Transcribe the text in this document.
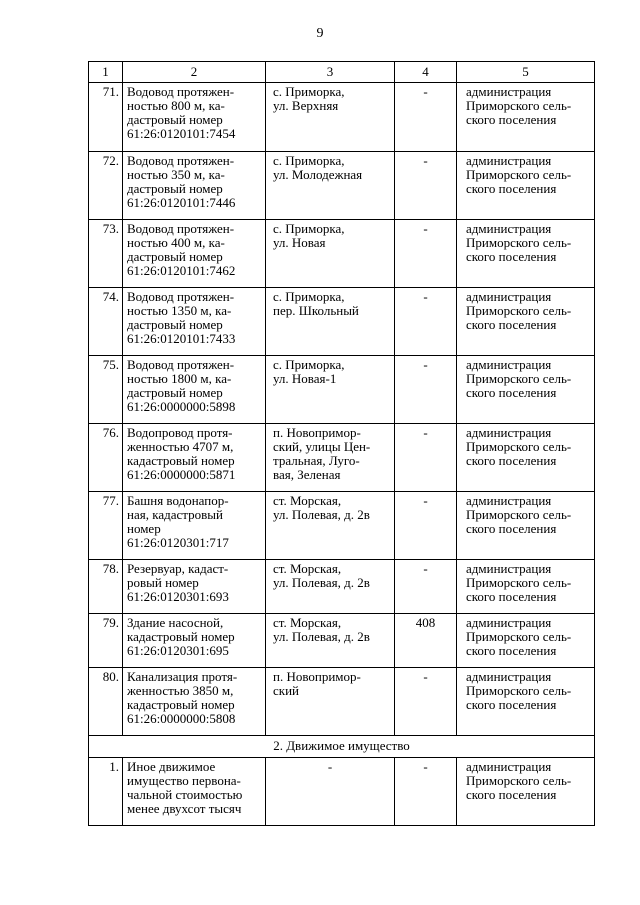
9
1	2	3	4	5
71.	Водовод протяжен-
ностью 800 м, ка-
дастровый номер
61:26:0120101:7454	с. Приморка,
ул. Верхняя	-	администрация
Приморского сель-
ского поселения
72.	Водовод протяжен-
ностью 350 м, ка-
дастровый номер
61:26:0120101:7446	с. Приморка,
ул. Молодежная	-	администрация
Приморского сель-
ского поселения
73.	Водовод протяжен-
ностью 400 м, ка-
дастровый номер
61:26:0120101:7462	с. Приморка,
ул. Новая	-	администрация
Приморского сель-
ского поселения
74.	Водовод протяжен-
ностью 1350 м, ка-
дастровый номер
61:26:0120101:7433	с. Приморка,
пер. Школьный	-	администрация
Приморского сель-
ского поселения
75.	Водовод протяжен-
ностью 1800 м, ка-
дастровый номер
61:26:0000000:5898	с. Приморка,
ул. Новая-1	-	администрация
Приморского сель-
ского поселения
76.	Водопровод протя-
женностью 4707 м,
кадастровый номер
61:26:0000000:5871	п. Новопримор-
ский, улицы Цен-
тральная, Луго-
вая, Зеленая	-	администрация
Приморского сель-
ского поселения
77.	Башня водонапор-
ная, кадастровый
номер
61:26:0120301:717	ст. Морская,
ул. Полевая, д. 2в	-	администрация
Приморского сель-
ского поселения
78.	Резервуар, кадаст-
ровый номер
61:26:0120301:693	ст. Морская,
ул. Полевая, д. 2в	-	администрация
Приморского сель-
ского поселения
79.	Здание насосной,
кадастровый номер
61:26:0120301:695	ст. Морская,
ул. Полевая, д. 2в	408	администрация
Приморского сель-
ского поселения
80.	Канализация протя-
женностью 3850 м,
кадастровый номер
61:26:0000000:5808	п. Новопримор-
ский	-	администрация
Приморского сель-
ского поселения
2. Движимое имущество				
1.	Иное движимое
имущество первона-
чальной стоимостью
менее двухсот тысяч	-	-	администрация
Приморского сель-
ского поселения
